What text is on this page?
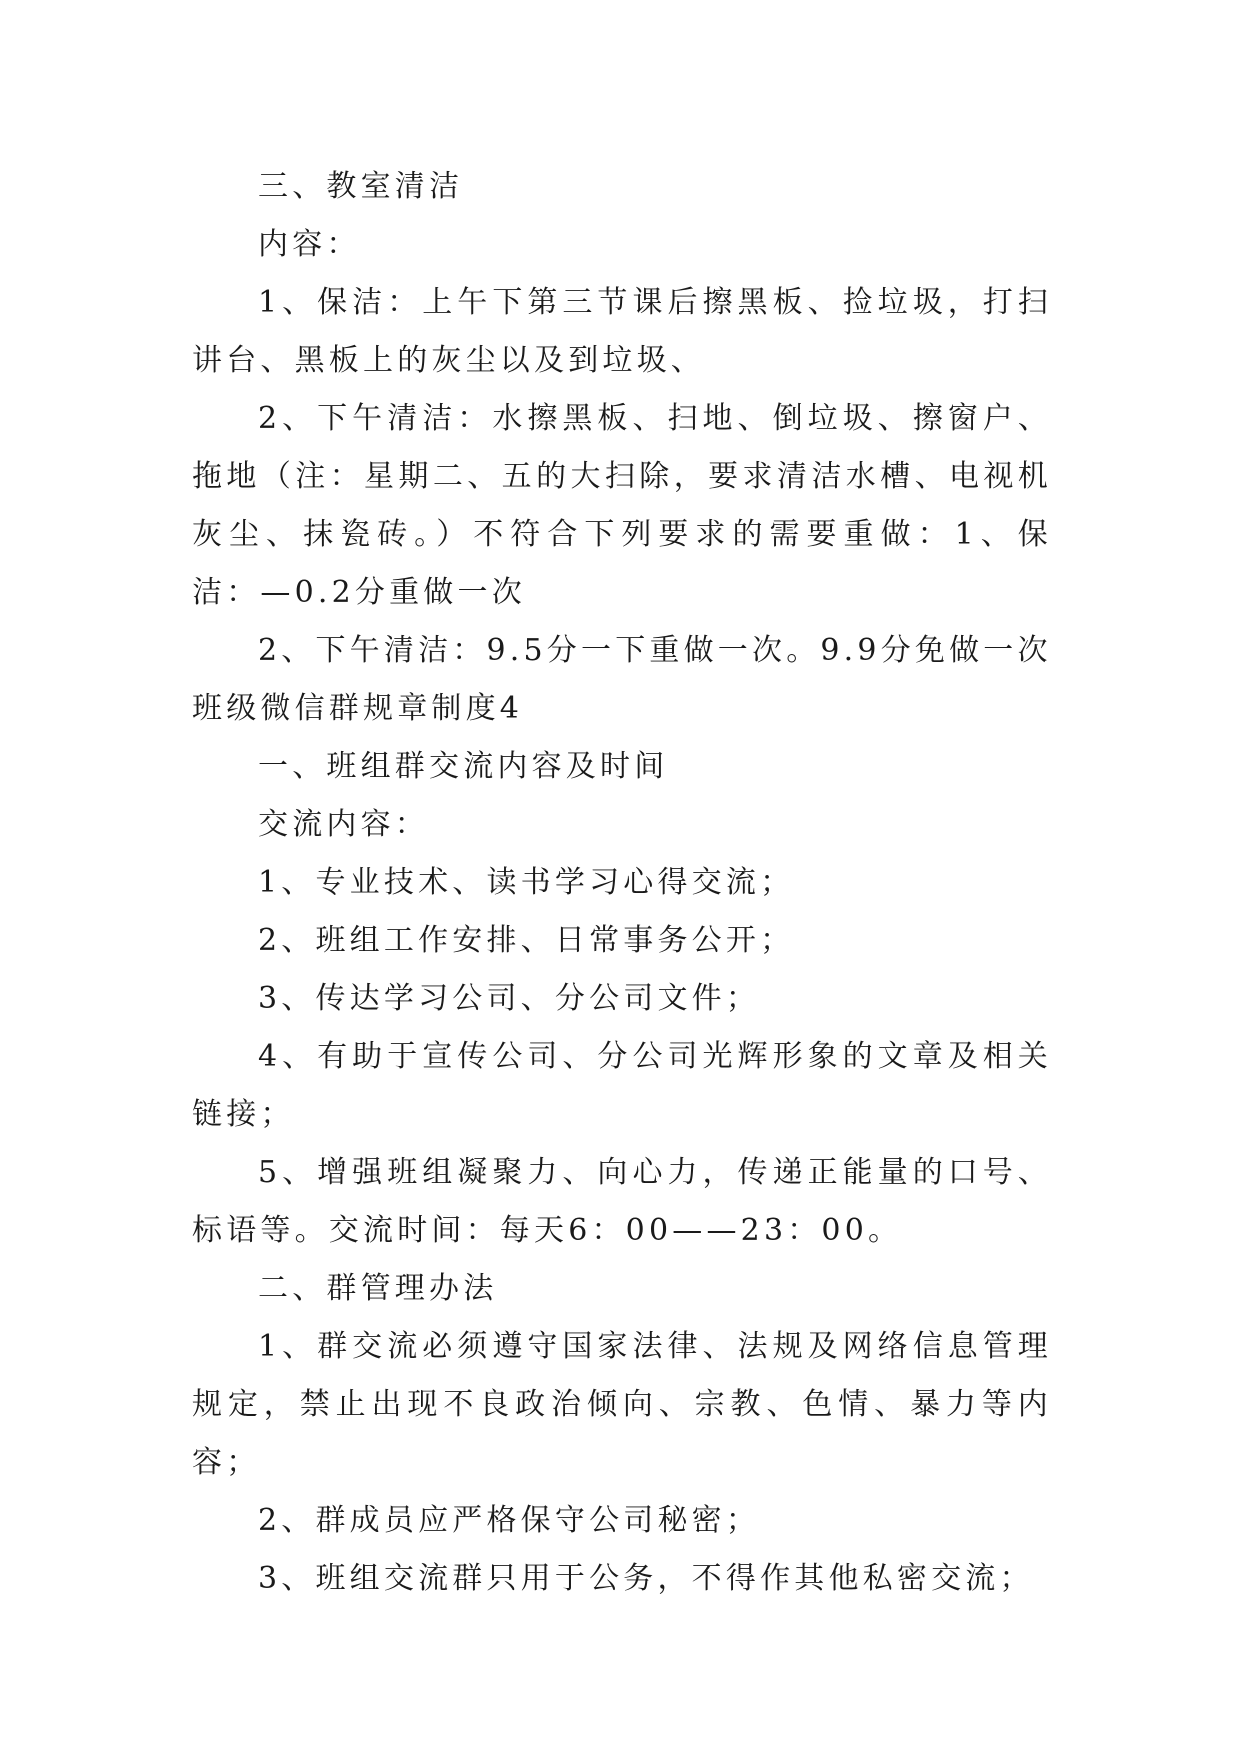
三、教室清洁

内容：

1、保洁：上午下第三节课后擦黑板、捡垃圾，打扫讲台、黑板上的灰尘以及到垃圾、

2、下午清洁：水擦黑板、扫地、倒垃圾、擦窗户、拖地（注：星期二、五的大扫除，要求清洁水槽、电视机灰尘、抹瓷砖。）不符合下列要求的需要重做：1、保洁：—0.2分重做一次

2、下午清洁：9.5分一下重做一次。9.9分免做一次

班级微信群规章制度4

一、班组群交流内容及时间

交流内容：

1、专业技术、读书学习心得交流；

2、班组工作安排、日常事务公开；

3、传达学习公司、分公司文件；

4、有助于宣传公司、分公司光辉形象的文章及相关链接；

5、增强班组凝聚力、向心力，传递正能量的口号、标语等。交流时间：每天6：00——23：00。

二、群管理办法

1、群交流必须遵守国家法律、法规及网络信息管理规定，禁止出现不良政治倾向、宗教、色情、暴力等内容；

2、群成员应严格保守公司秘密；

3、班组交流群只用于公务，不得作其他私密交流；
